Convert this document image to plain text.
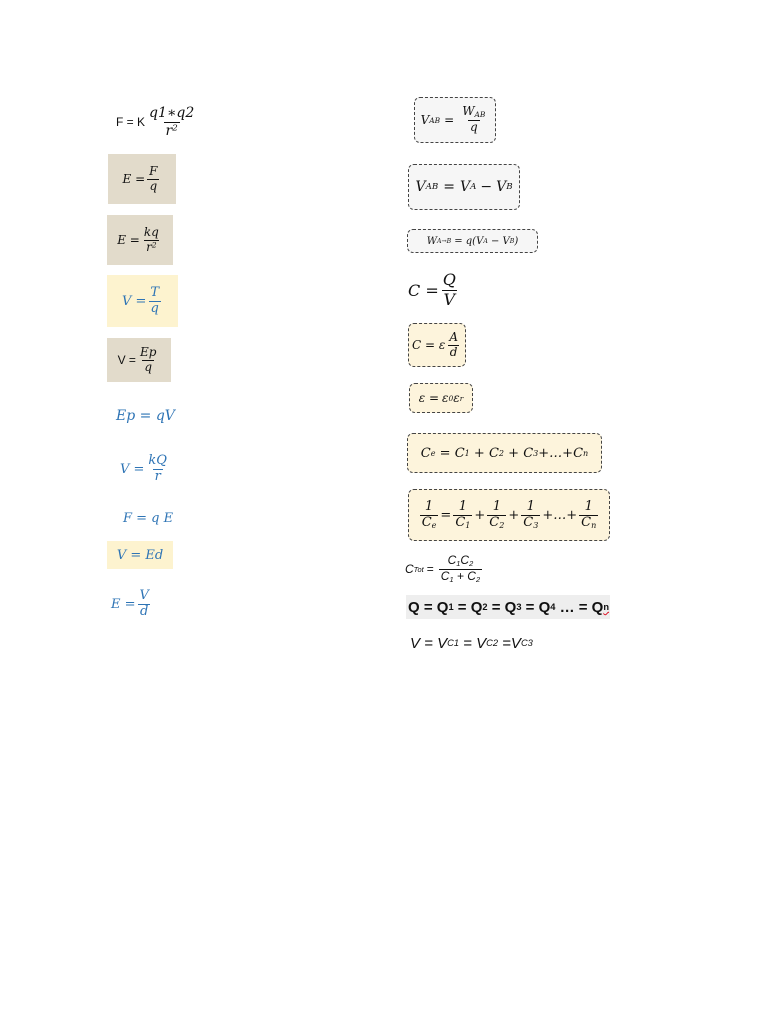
F = K $\frac{q1∗q2}{r^2}$
$E = \frac{F}{q}$
$E = \frac{kq}{r^2}$
$V = \frac{T}{q}$
$V = \frac{Ep}{q}$
Ep = qV
$V = \frac{kQ}{r}$
F = q E
V = Ed
$E = \frac{V}{d}$
V AB = $\frac{W_{AB}}{q}$
V AB = V A − V B
W A→B = q( V A − V B )
$C = \frac{Q}{V}$
C = ε $\frac{A}{d}$
ε = ε 0 ε r
C e = C 1 + C 2 + C 3 +…+ C n
$\frac{1}{C_e} = \frac{1}{C_1} + \frac{1}{C_2} + \frac{1}{C_3}$ +…+ $\frac{1}{C_n}$
C Tot = $\frac{C_1C_2}{C_1 + C_2}$
Q = Q 1 = Q 2 = Q 3 = Q 4 … = Q n
V = V C1 = V C2 =V C3
